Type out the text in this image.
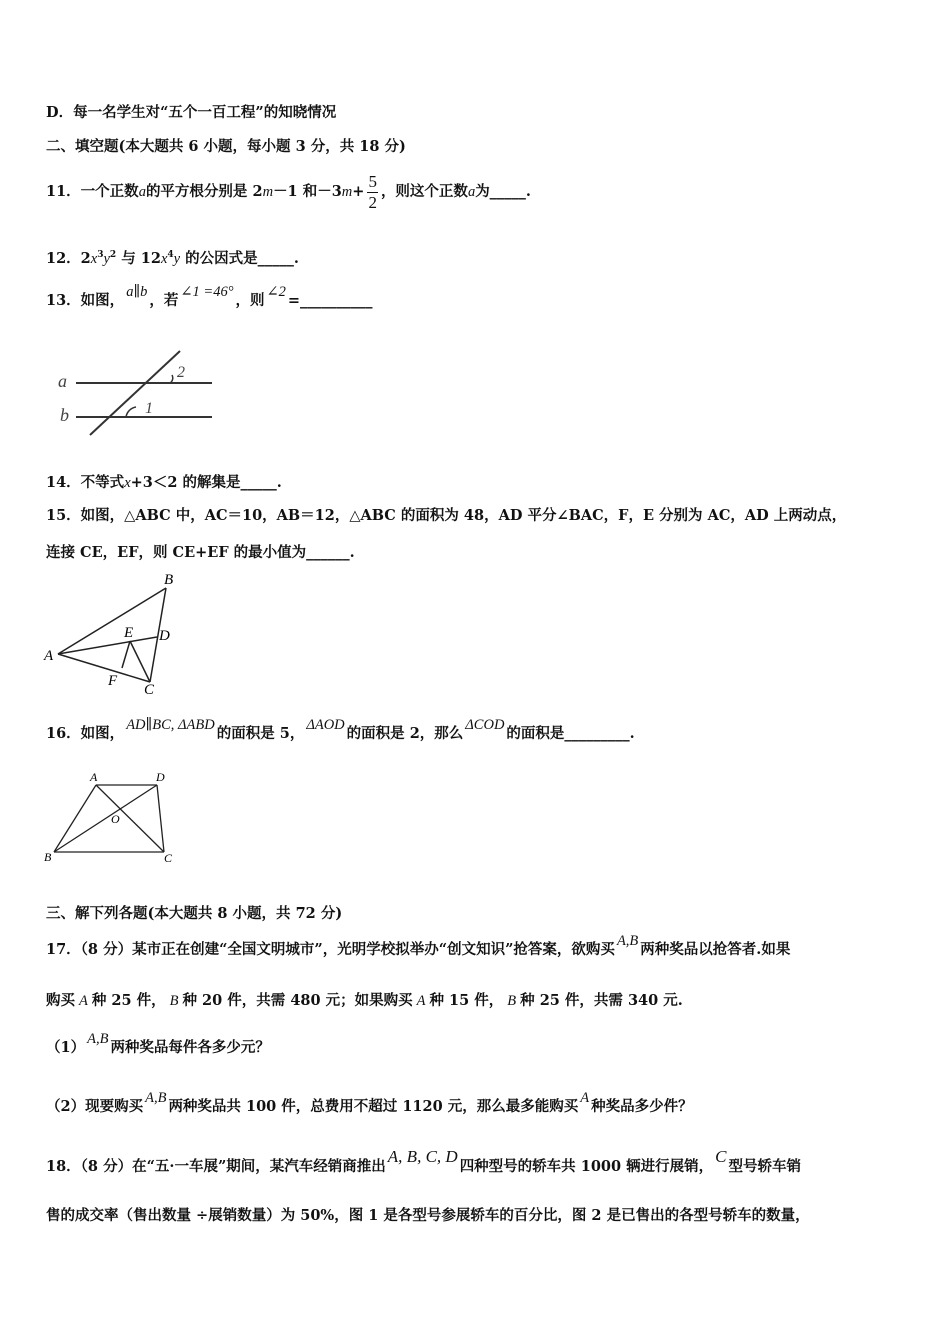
D．每一名学生对“五个一百工程”的知晓情况
二、填空题(本大题共 6 小题，每小题 3 分，共 18 分)
11．一个正数a的平方根分别是 2m－1 和$-3m+ \frac{5}{2}$ ，则这个正数a为_____.
12．$2x^3y^2$ 与 $12x^4y$ 的公因式是_____.
13．如图， a∥b ，若 ∠1 =46° ，则 ∠2 =__________
a
b	1
2
14．不等式x+3＜2 的解集是_____.
15．如图，△ABC 中，AC＝10，AB＝12，△ABC 的面积为 48，AD 平分∠BAC，F，E 分别为 AC，AD 上两动点，
连接 CE，EF，则 CE+EF 的最小值为______.
A
B
C
D
E
F
16．如图， AD∥BC, ΔABD 的面积是 5， ΔAOD 的面积是 2，那么 ΔCOD 的面积是_________.
A	D
B	C
O
三、解下列各题(本大题共 8 小题，共 72 分)
17．（8 分）某市正在创建“全国文明城市”，光明学校拟举办“创文知识”抢答案，欲购买 A,B 两种奖品以抢答者.如果
购买 A 种 25 件， B 种 20 件，共需 480 元；如果购买 A 种 15 件， B 种 25 件，共需 340 元.
（1） A,B 两种奖品每件各多少元？
（2）现要购买 A,B 两种奖品共 100 件，总费用不超过 1120 元，那么最多能购买 A 种奖品多少件？
18．（8 分）在“五·一车展”期间，某汽车经销商推出A, B, C, D四种型号的轿车共 1000 辆进行展销，C型号轿车销
售的成交率（售出数量 ÷展销数量）为 50%，图 1 是各型号参展轿车的百分比，图 2 是已售出的各型号轿车的数量，
